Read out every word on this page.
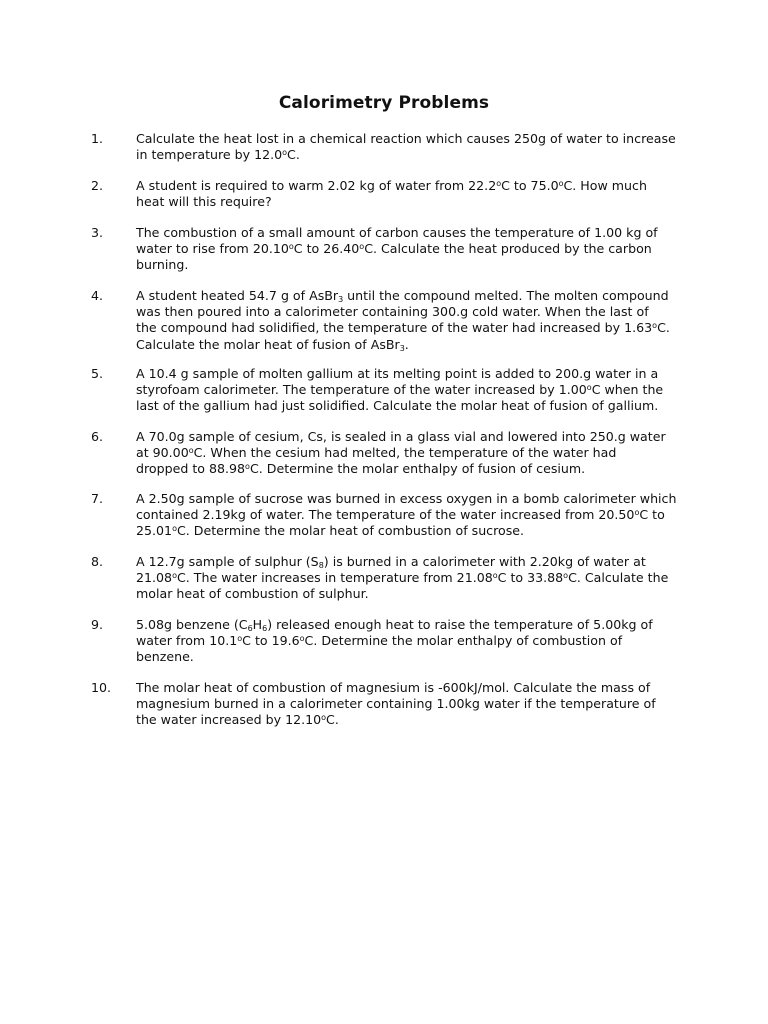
Calorimetry Problems
1.	Calculate the heat lost in a chemical reaction which causes 250g of water to increase
in temperature by 12.0$^o$C.
2.	A student is required to warm 2.02 kg of water from 22.2$^o$C to 75.0$^o$C. How much
heat will this require?
3.	The combustion of a small amount of carbon causes the temperature of 1.00 kg of
water to rise from 20.10$^o$C to 26.40$^o$C. Calculate the heat produced by the carbon
burning.
4.	A student heated 54.7 g of AsBr$_3$ until the compound melted. The molten compound
was then poured into a calorimeter containing 300.g cold water. When the last of
the compound had solidified, the temperature of the water had increased by 1.63$^o$C.
Calculate the molar heat of fusion of AsBr$_3$.
5.	A 10.4 g sample of molten gallium at its melting point is added to 200.g water in a
styrofoam calorimeter. The temperature of the water increased by 1.00$^o$C when the
last of the gallium had just solidified. Calculate the molar heat of fusion of gallium.
6.	A 70.0g sample of cesium, Cs, is sealed in a glass vial and lowered into 250.g water
at 90.00$^o$C. When the cesium had melted, the temperature of the water had
dropped to 88.98$^o$C. Determine the molar enthalpy of fusion of cesium.
7.	A 2.50g sample of sucrose was burned in excess oxygen in a bomb calorimeter which
contained 2.19kg of water. The temperature of the water increased from 20.50$^o$C to
25.01$^o$C. Determine the molar heat of combustion of sucrose.
8.	A 12.7g sample of sulphur $(S_8)$ is burned in a calorimeter with 2.20kg of water at
21.08$^o$C. The water increases in temperature from 21.08$^o$C to 33.88$^o$C. Calculate the
molar heat of combustion of sulphur.
9.	5.08g benzene $(C_6H_6)$ released enough heat to raise the temperature of 5.00kg of
water from 10.1$^o$C to 19.6$^o$C. Determine the molar enthalpy of combustion of
benzene.
10. The molar heat of combustion of magnesium is -600kJ/mol. Calculate the mass of
magnesium burned in a calorimeter containing 1.00kg water if the temperature of
the water increased by 12.10$^o$C.
